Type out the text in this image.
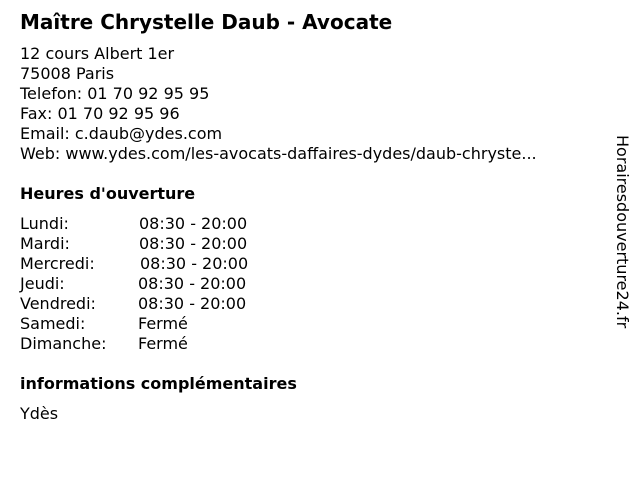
Maître Chrystelle Daub - Avocate
12 cours Albert 1er
75008 Paris
Telefon: 01 70 92 95 95
Fax: 01 70 92 95 96
Email: c.daub@ydes.com
Web: www.ydes.com/les-avocats-daffaires-dydes/daub-chryste...
Heures d'ouverture
Lundi:	08:30 - 20:00
Mardi:	08:30 - 20:00
Mercredi:	08:30 - 20:00
Jeudi:	08:30 - 20:00
Vendredi:	08:30 - 20:00
Samedi:	Fermé
Dimanche: Fermé
informations complémentaires
Ydès
Horairesdouverture24.fr
